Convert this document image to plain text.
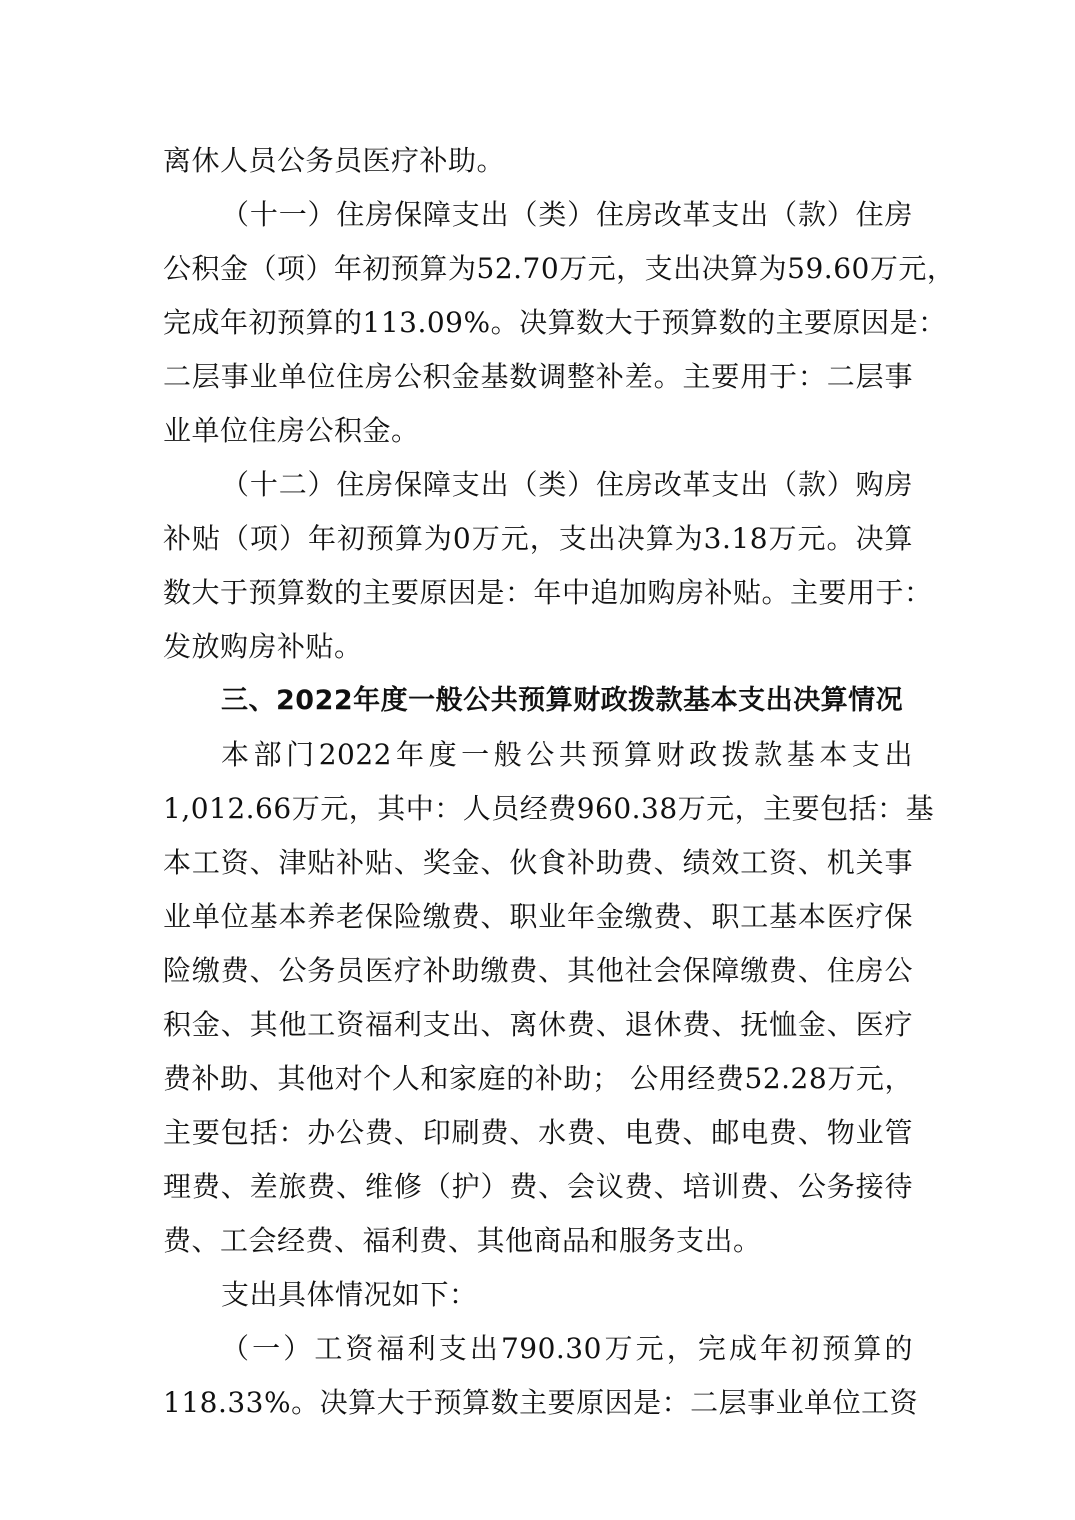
离休人员公务员医疗补助。

（十一）住房保障支出（类）住房改革支出（款）住房
公积金（项）年初预算为52.70万元，支出决算为59.60万元，
完成年初预算的113.09%。决算数大于预算数的主要原因是：
二层事业单位住房公积金基数调整补差。主要用于：二层事
业单位住房公积金。

（十二）住房保障支出（类）住房改革支出（款）购房
补贴（项）年初预算为0万元，支出决算为3.18万元。决算
数大于预算数的主要原因是：年中追加购房补贴。主要用于：
发放购房补贴。

三、2022年度一般公共预算财政拨款基本支出决算情况

本部门2022年度一般公共预算财政拨款基本支出
1,012.66万元，其中：人员经费960.38万元，主要包括：基
本工资、津贴补贴、奖金、伙食补助费、绩效工资、机关事
业单位基本养老保险缴费、职业年金缴费、职工基本医疗保
险缴费、公务员医疗补助缴费、其他社会保障缴费、住房公
积金、其他工资福利支出、离休费、退休费、抚恤金、医疗
费补助、其他对个人和家庭的补助； 公用经费52.28万元，
主要包括：办公费、印刷费、水费、电费、邮电费、物业管
理费、差旅费、维修（护）费、会议费、培训费、公务接待
费、工会经费、福利费、其他商品和服务支出。

支出具体情况如下：

（一）工资福利支出790.30万元，完成年初预算的
118.33%。决算大于预算数主要原因是：二层事业单位工资
